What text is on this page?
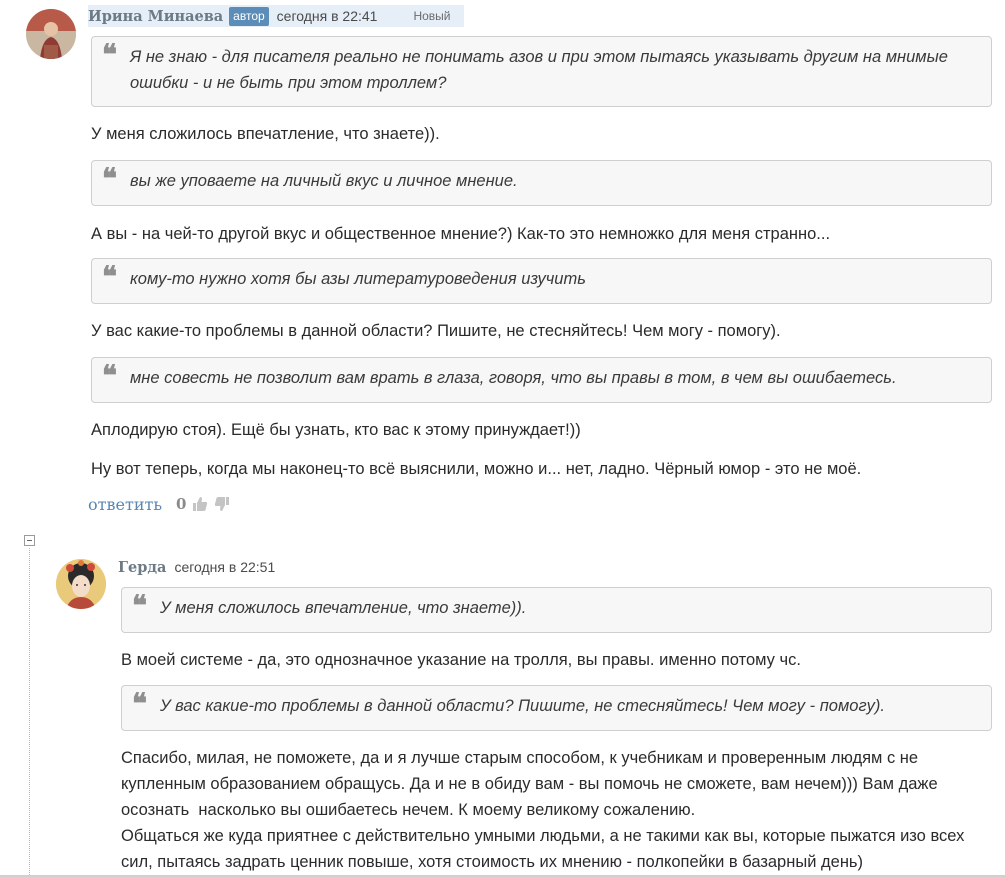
Ирина Минаева автор сегодня в 22:41	Новый
❝ Я не знаю - для писателя реально не понимать азов и при этом пытаясь указывать другим на мнимые ошибки - и не быть при этом троллем?
У меня сложилось впечатление, что знаете)).
❝ вы же уповаете на личный вкус и личное мнение.
А вы - на чей-то другой вкус и общественное мнение?) Как-то это немножко для меня странно...
❝ кому-то нужно хотя бы азы литературоведения изучить
У вас какие-то проблемы в данной области? Пишите, не стесняйтесь! Чем могу - помогу).
❝ мне совесть не позволит вам врать в глаза, говоря, что вы правы в том, в чем вы ошибаетесь.
Аплодирую стоя). Ещё бы узнать, кто вас к этому принуждает!))
Ну вот теперь, когда мы наконец-то всё выяснили, можно и... нет, ладно. Чёрный юмор - это не моё.
ответить 0
Герда сегодня в 22:51
❝ У меня сложилось впечатление, что знаете)).
В моей системе - да, это однозначное указание на тролля, вы правы. именно потому чс.
❝ У вас какие-то проблемы в данной области? Пишите, не стесняйтесь! Чем могу - помогу).
Спасибо, милая, не поможете, да и я лучше старым способом, к учебникам и проверенным людям с не купленным образованием обращусь. Да и не в обиду вам - вы помочь не сможете, вам нечем))) Вам даже осознать  насколько вы ошибаетесь нечем. К моему великому сожалению.
Общаться же куда приятнее с действительно умными людьми, а не такими как вы, которые пыжатся изо всех сил, пытаясь задрать ценник повыше, хотя стоимость их мнению - полкопейки в базарный день)
